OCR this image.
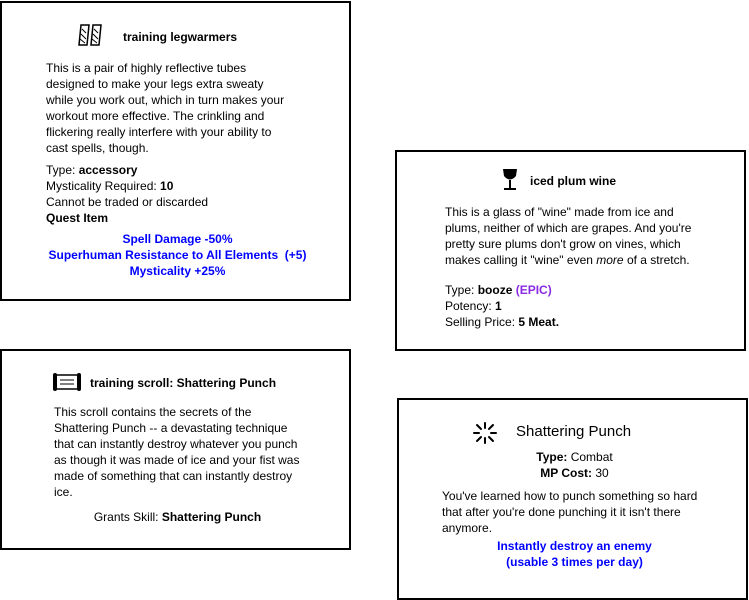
training legwarmers

This is a pair of highly reflective tubes
designed to make your legs extra sweaty
while you work out, which in turn makes your
workout more effective. The crinkling and
flickering really interfere with your ability to
cast spells, though.

Type: accessory
Mysticality Required: 10
Cannot be traded or discarded
Quest Item
Spell Damage -50%
Superhuman Resistance to All Elements (+5)
Mysticality +25%
iced plum wine

This is a glass of "wine" made from ice and
plums, neither of which are grapes. And you're
pretty sure plums don't grow on vines, which
makes calling it "wine" even more of a stretch.

Type: booze (EPIC)
Potency: 1
Selling Price: 5 Meat.
training scroll: Shattering Punch

This scroll contains the secrets of the
Shattering Punch -- a devastating technique
that can instantly destroy whatever you punch
as though it was made of ice and your fist was
made of something that can instantly destroy
ice.

Grants Skill: Shattering Punch
Shattering Punch
Type: Combat
MP Cost: 30

You've learned how to punch something so hard
that after you're done punching it it isn't there
anymore.

Instantly destroy an enemy
(usable 3 times per day)
